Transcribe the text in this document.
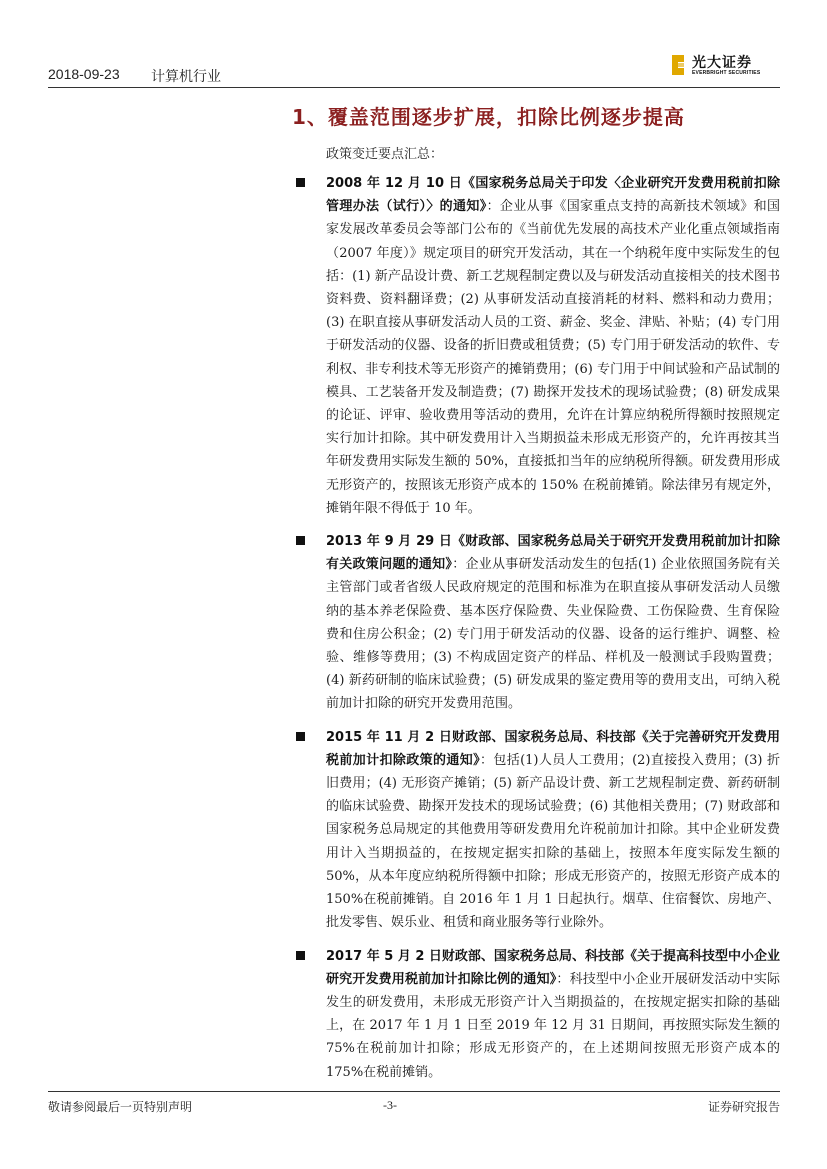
2018-09-23 计算机行业
光大证券
EVERBRIGHT SECURITIES
1、覆盖范围逐步扩展，扣除比例逐步提高
政策变迁要点汇总：
2008 年 12 月 10 日《国家税务总局关于印发〈企业研究开发费用税前扣除管理办法（试行）〉的通知》：企业从事《国家重点支持的高新技术领域》和国家发展改革委员会等部门公布的《当前优先发展的高技术产业化重点领域指南（2007 年度）》规定项目的研究开发活动，其在一个纳税年度中实际发生的包括：(1) 新产品设计费、新工艺规程制定费以及与研发活动直接相关的技术图书资料费、资料翻译费；(2) 从事研发活动直接消耗的材料、燃料和动力费用；(3) 在职直接从事研发活动人员的工资、薪金、奖金、津贴、补贴；(4) 专门用于研发活动的仪器、设备的折旧费或租赁费；(5) 专门用于研发活动的软件、专利权、非专利技术等无形资产的摊销费用；(6) 专门用于中间试验和产品试制的模具、工艺装备开发及制造费；(7) 勘探开发技术的现场试验费；(8) 研发成果的论证、评审、验收费用等活动的费用，允许在计算应纳税所得额时按照规定实行加计扣除。其中研发费用计入当期损益未形成无形资产的，允许再按其当年研发费用实际发生额的 50%，直接抵扣当年的应纳税所得额。研发费用形成无形资产的，按照该无形资产成本的 150% 在税前摊销。除法律另有规定外，摊销年限不得低于 10 年。
2013 年 9 月 29 日《财政部、国家税务总局关于研究开发费用税前加计扣除有关政策问题的通知》：企业从事研发活动发生的包括(1) 企业依照国务院有关主管部门或者省级人民政府规定的范围和标准为在职直接从事研发活动人员缴纳的基本养老保险费、基本医疗保险费、失业保险费、工伤保险费、生育保险费和住房公积金；(2) 专门用于研发活动的仪器、设备的运行维护、调整、检验、维修等费用；(3) 不构成固定资产的样品、样机及一般测试手段购置费；(4) 新药研制的临床试验费；(5) 研发成果的鉴定费用等的费用支出，可纳入税前加计扣除的研究开发费用范围。
2015 年 11 月 2 日财政部、国家税务总局、科技部《关于完善研究开发费用税前加计扣除政策的通知》：包括(1)人员人工费用；(2)直接投入费用；(3) 折旧费用；(4) 无形资产摊销；(5) 新产品设计费、新工艺规程制定费、新药研制的临床试验费、勘探开发技术的现场试验费；(6) 其他相关费用；(7) 财政部和国家税务总局规定的其他费用等研发费用允许税前加计扣除。其中企业研发费用计入当期损益的，在按规定据实扣除的基础上，按照本年度实际发生额的 50%，从本年度应纳税所得额中扣除；形成无形资产的，按照无形资产成本的 150%在税前摊销。自 2016 年 1 月 1 日起执行。烟草、住宿餐饮、房地产、批发零售、娱乐业、租赁和商业服务等行业除外。
2017 年 5 月 2 日财政部、国家税务总局、科技部《关于提高科技型中小企业研究开发费用税前加计扣除比例的通知》：科技型中小企业开展研发活动中实际发生的研发费用，未形成无形资产计入当期损益的，在按规定据实扣除的基础上，在 2017 年 1 月 1 日至 2019 年 12 月 31 日期间，再按照实际发生额的 75%在税前加计扣除；形成无形资产的，在上述期间按照无形资产成本的 175%在税前摊销。
敬请参阅最后一页特别声明	-3-	证券研究报告
